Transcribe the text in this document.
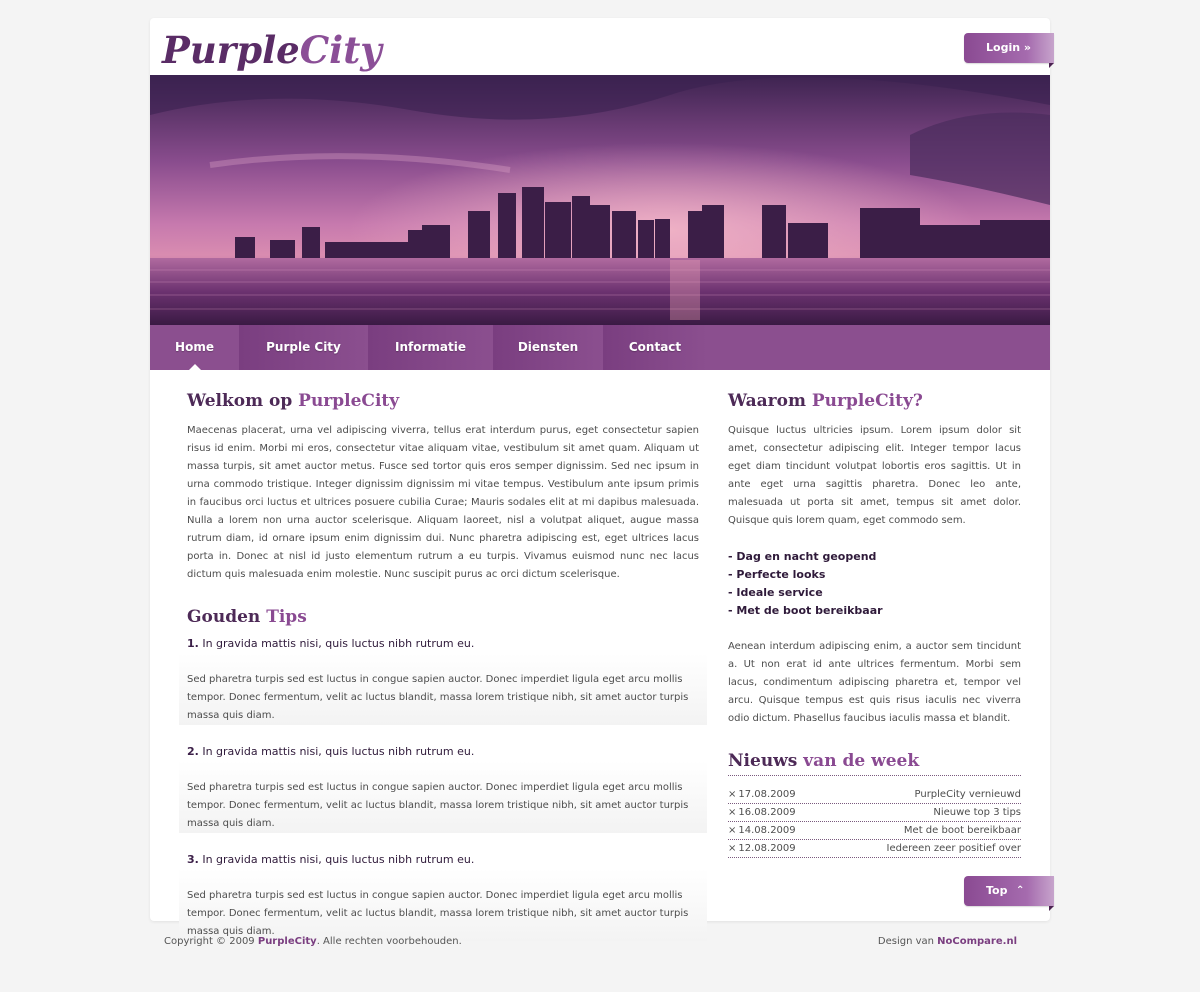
PurpleCity	Login »
Home	Purple City	Informatie	Diensten	Contact
Welkom op PurpleCity

Maecenas placerat, urna vel adipiscing viverra, tellus erat interdum purus, eget consectetur sapien risus id enim. Morbi mi eros, consectetur vitae aliquam vitae, vestibulum sit amet quam. Aliquam ut massa turpis, sit amet auctor metus. Fusce sed tortor quis eros semper dignissim. Sed nec ipsum in urna commodo tristique. Integer dignissim dignissim mi vitae tempus. Vestibulum ante ipsum primis in faucibus orci luctus et ultrices posuere cubilia Curae; Mauris sodales elit at mi dapibus malesuada. Nulla a lorem non urna auctor scelerisque. Aliquam laoreet, nisl a volutpat aliquet, augue massa rutrum diam, id ornare ipsum enim dignissim dui. Nunc pharetra adipiscing est, eget ultrices lacus porta in. Donec at nisl id justo elementum rutrum a eu turpis. Vivamus euismod nunc nec lacus dictum quis malesuada enim molestie. Nunc suscipit purus ac orci dictum scelerisque.

Gouden Tips
1. In gravida mattis nisi, quis luctus nibh rutrum eu.
Sed pharetra turpis sed est luctus in congue sapien auctor. Donec imperdiet ligula eget arcu mollis tempor. Donec fermentum, velit ac luctus blandit, massa lorem tristique nibh, sit amet auctor turpis massa quis diam.
2. In gravida mattis nisi, quis luctus nibh rutrum eu.
Sed pharetra turpis sed est luctus in congue sapien auctor. Donec imperdiet ligula eget arcu mollis tempor. Donec fermentum, velit ac luctus blandit, massa lorem tristique nibh, sit amet auctor turpis massa quis diam.
3. In gravida mattis nisi, quis luctus nibh rutrum eu.
Sed pharetra turpis sed est luctus in congue sapien auctor. Donec imperdiet ligula eget arcu mollis tempor. Donec fermentum, velit ac luctus blandit, massa lorem tristique nibh, sit amet auctor turpis massa quis diam.
Waarom PurpleCity?

Quisque luctus ultricies ipsum. Lorem ipsum dolor sit amet, consectetur adipiscing elit. Integer tempor lacus eget diam tincidunt volutpat lobortis eros sagittis. Ut in ante eget urna sagittis pharetra. Donec leo ante, malesuada ut porta sit amet, tempus sit amet dolor. Quisque quis lorem quam, eget commodo sem.

- Dag en nacht geopend
- Perfecte looks
- Ideale service
- Met de boot bereikbaar

Aenean interdum adipiscing enim, a auctor sem tincidunt a. Ut non erat id ante ultrices fermentum. Morbi sem lacus, condimentum adipiscing pharetra et, tempor vel arcu. Quisque tempus est quis risus iaculis nec viverra odio dictum. Phasellus faucibus iaculis massa et blandit.

Nieuws van de week
× 17.08.2009	PurpleCity vernieuwd
× 16.08.2009	Nieuwe top 3 tips
× 14.08.2009	Met de boot bereikbaar
× 12.08.2009	Iedereen zeer positief over
Top ⌃
Copyright © 2009 PurpleCity. Alle rechten voorbehouden.	Design van NoCompare.nl
